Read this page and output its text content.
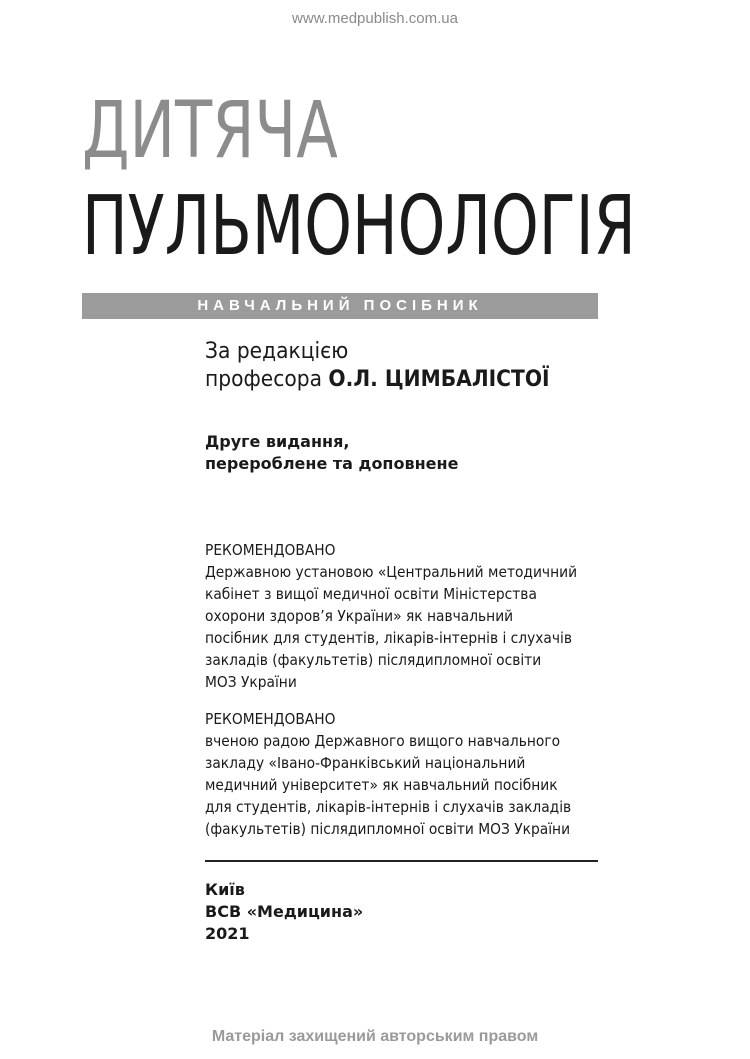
www.medpublish.com.ua
ДИТЯЧА
ПУЛЬМОНОЛОГІЯ
НАВЧАЛЬНИЙ ПОСІБНИК
За редакцією
професора О.Л. ЦИМБАЛІСТОЇ
Друге видання,
перероблене та доповнене
РЕКОМЕНДОВАНО
Державною установою «Центральний методичний
кабінет з вищої медичної освіти Міністерства
охорони здоров’я України» як навчальний
посібник для студентів, лікарів-інтернів і слухачів
закладів (факультетів) післядипломної освіти
МОЗ України
РЕКОМЕНДОВАНО
вченою радою Державного вищого навчального
закладу «Івано-Франківський національний
медичний університет» як навчальний посібник
для студентів, лікарів-інтернів і слухачів закладів
(факультетів) післядипломної освіти МОЗ України
Київ
ВСВ «Медицина»
2021
Матеріал захищений авторським правом
